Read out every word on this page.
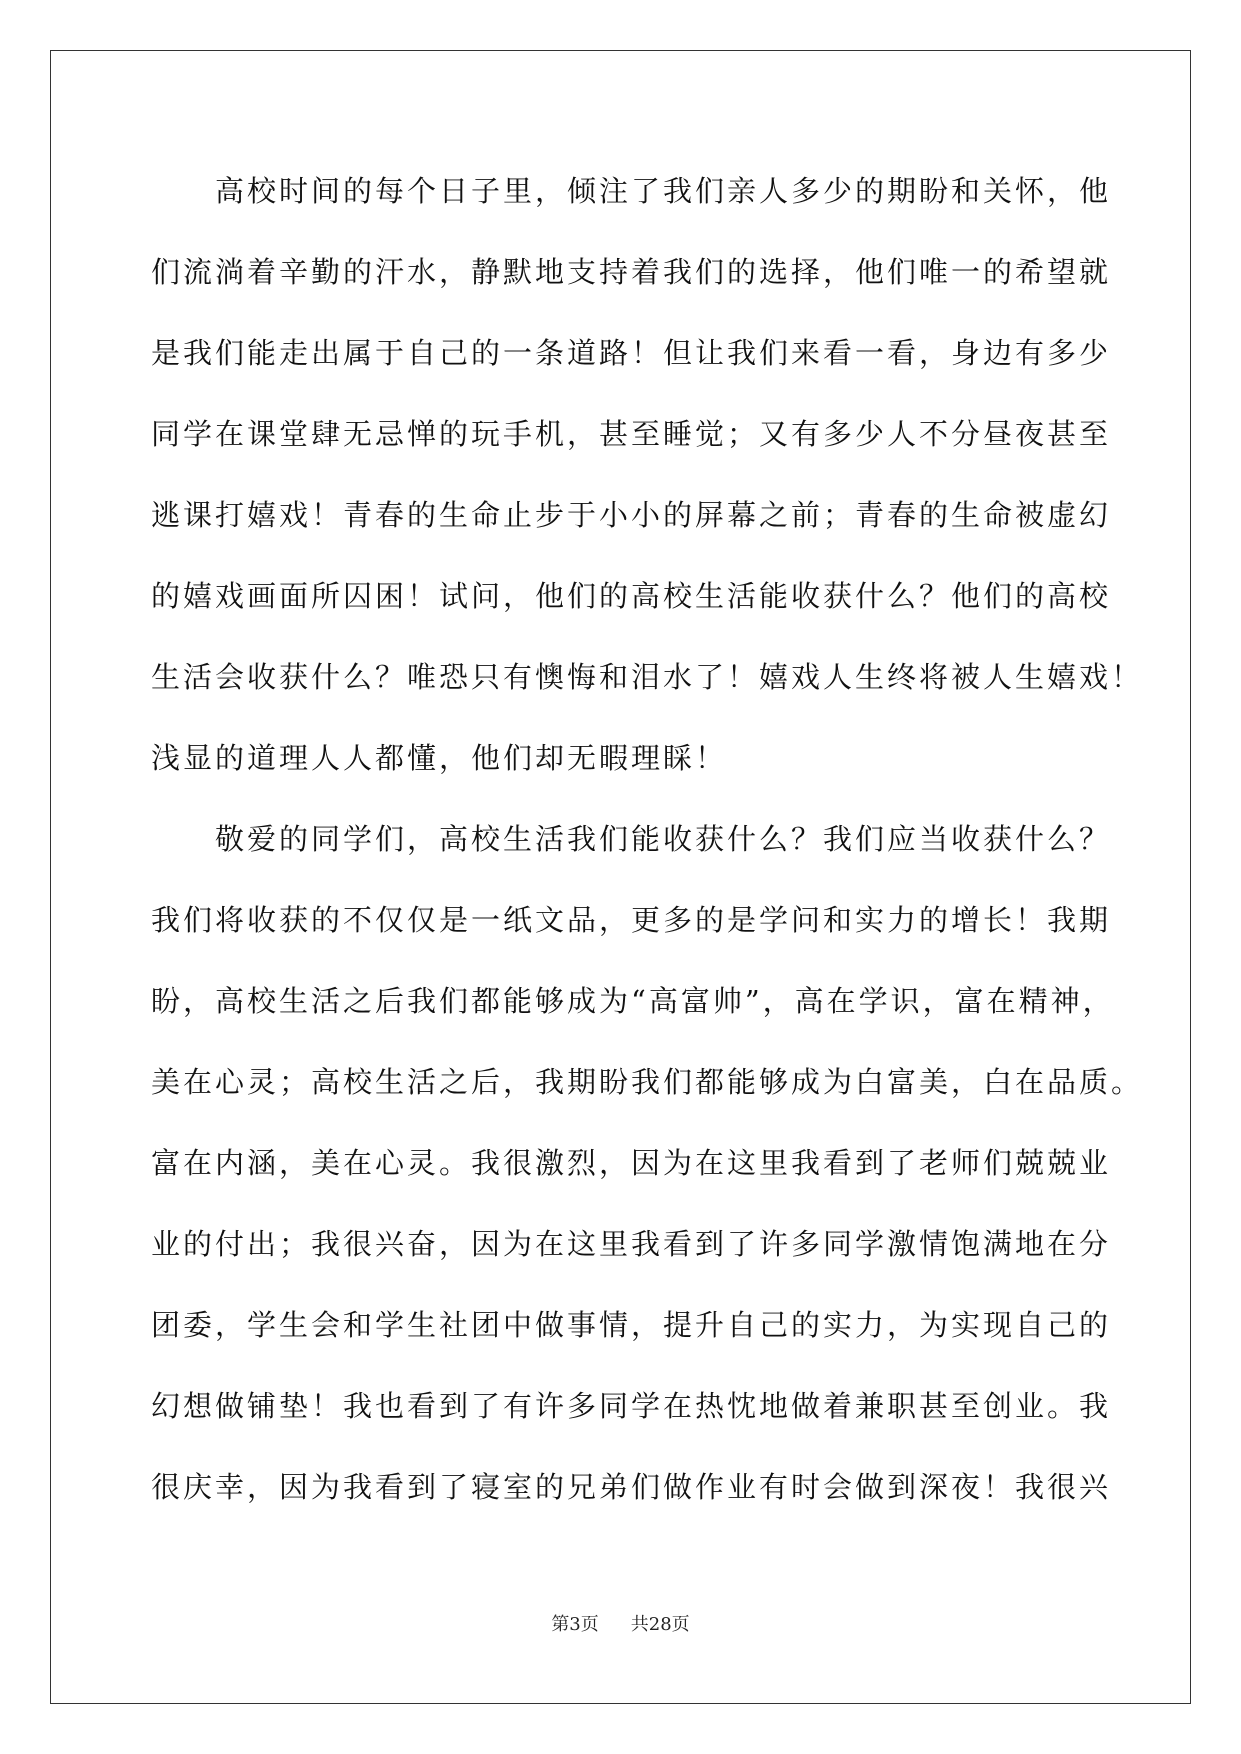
高校时间的每个日子里，倾注了我们亲人多少的期盼和关怀，他
们流淌着辛勤的汗水，静默地支持着我们的选择，他们唯一的希望就
是我们能走出属于自己的一条道路！但让我们来看一看，身边有多少
同学在课堂肆无忌惮的玩手机，甚至睡觉；又有多少人不分昼夜甚至
逃课打嬉戏！青春的生命止步于小小的屏幕之前；青春的生命被虚幻
的嬉戏画面所囚困！试问，他们的高校生活能收获什么？他们的高校
生活会收获什么？唯恐只有懊悔和泪水了！嬉戏人生终将被人生嬉戏！
浅显的道理人人都懂，他们却无暇理睬！
敬爱的同学们，高校生活我们能收获什么？我们应当收获什么？
我们将收获的不仅仅是一纸文品，更多的是学问和实力的增长！我期
盼，高校生活之后我们都能够成为“高富帅”，高在学识，富在精神，
美在心灵；高校生活之后，我期盼我们都能够成为白富美，白在品质。
富在内涵，美在心灵。我很激烈，因为在这里我看到了老师们兢兢业
业的付出；我很兴奋，因为在这里我看到了许多同学激情饱满地在分
团委，学生会和学生社团中做事情，提升自己的实力，为实现自己的
幻想做铺垫！我也看到了有许多同学在热忱地做着兼职甚至创业。我
很庆幸，因为我看到了寝室的兄弟们做作业有时会做到深夜！我很兴
第3页 共28页
